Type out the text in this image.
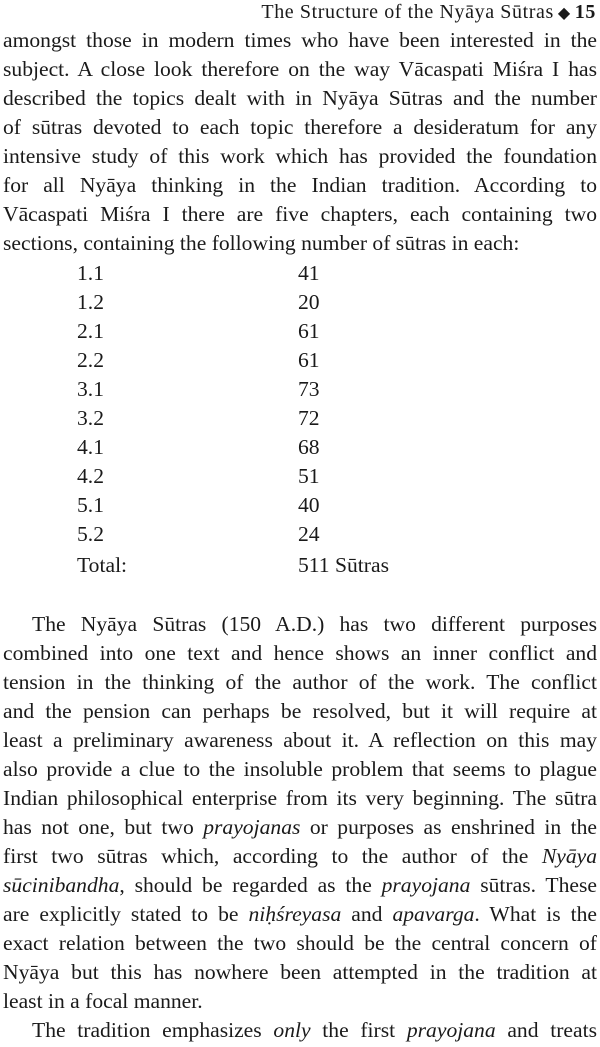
The Structure of the Nyāya Sūtras ◆ 15
amongst those in modern times who have been interested in the
subject. A close look therefore on the way Vācaspati Miśra I has
described the topics dealt with in Nyāya Sūtras and the number
of sūtras devoted to each topic therefore a desideratum for any
intensive study of this work which has provided the foundation
for all Nyāya thinking in the Indian tradition. According to
Vācaspati Miśra I there are five chapters, each containing two
sections, containing the following number of sūtras in each:
The Nyāya Sūtras (150 A.D.) has two different purposes
combined into one text and hence shows an inner conflict and
tension in the thinking of the author of the work. The conflict
and the pension can perhaps be resolved, but it will require at
least a preliminary awareness about it. A reflection on this may
also provide a clue to the insoluble problem that seems to plague
Indian philosophical enterprise from its very beginning. The sūtra
has not one, but two prayojanas or purposes as enshrined in the
first two sūtras which, according to the author of the Nyāya
sūcinibandha, should be regarded as the prayojana sūtras. These
are explicitly stated to be niḥśreyasa and apavarga. What is the
exact relation between the two should be the central concern of
Nyāya but this has nowhere been attempted in the tradition at
least in a focal manner.
The tradition emphasizes only the first prayojana and treats
1.1	41
1.2	20
2.1	61
2.2	61
3.1	73
3.2	72
4.1	68
4.2	51
5.1	40
5.2	24
Total:	511 Sūtras
